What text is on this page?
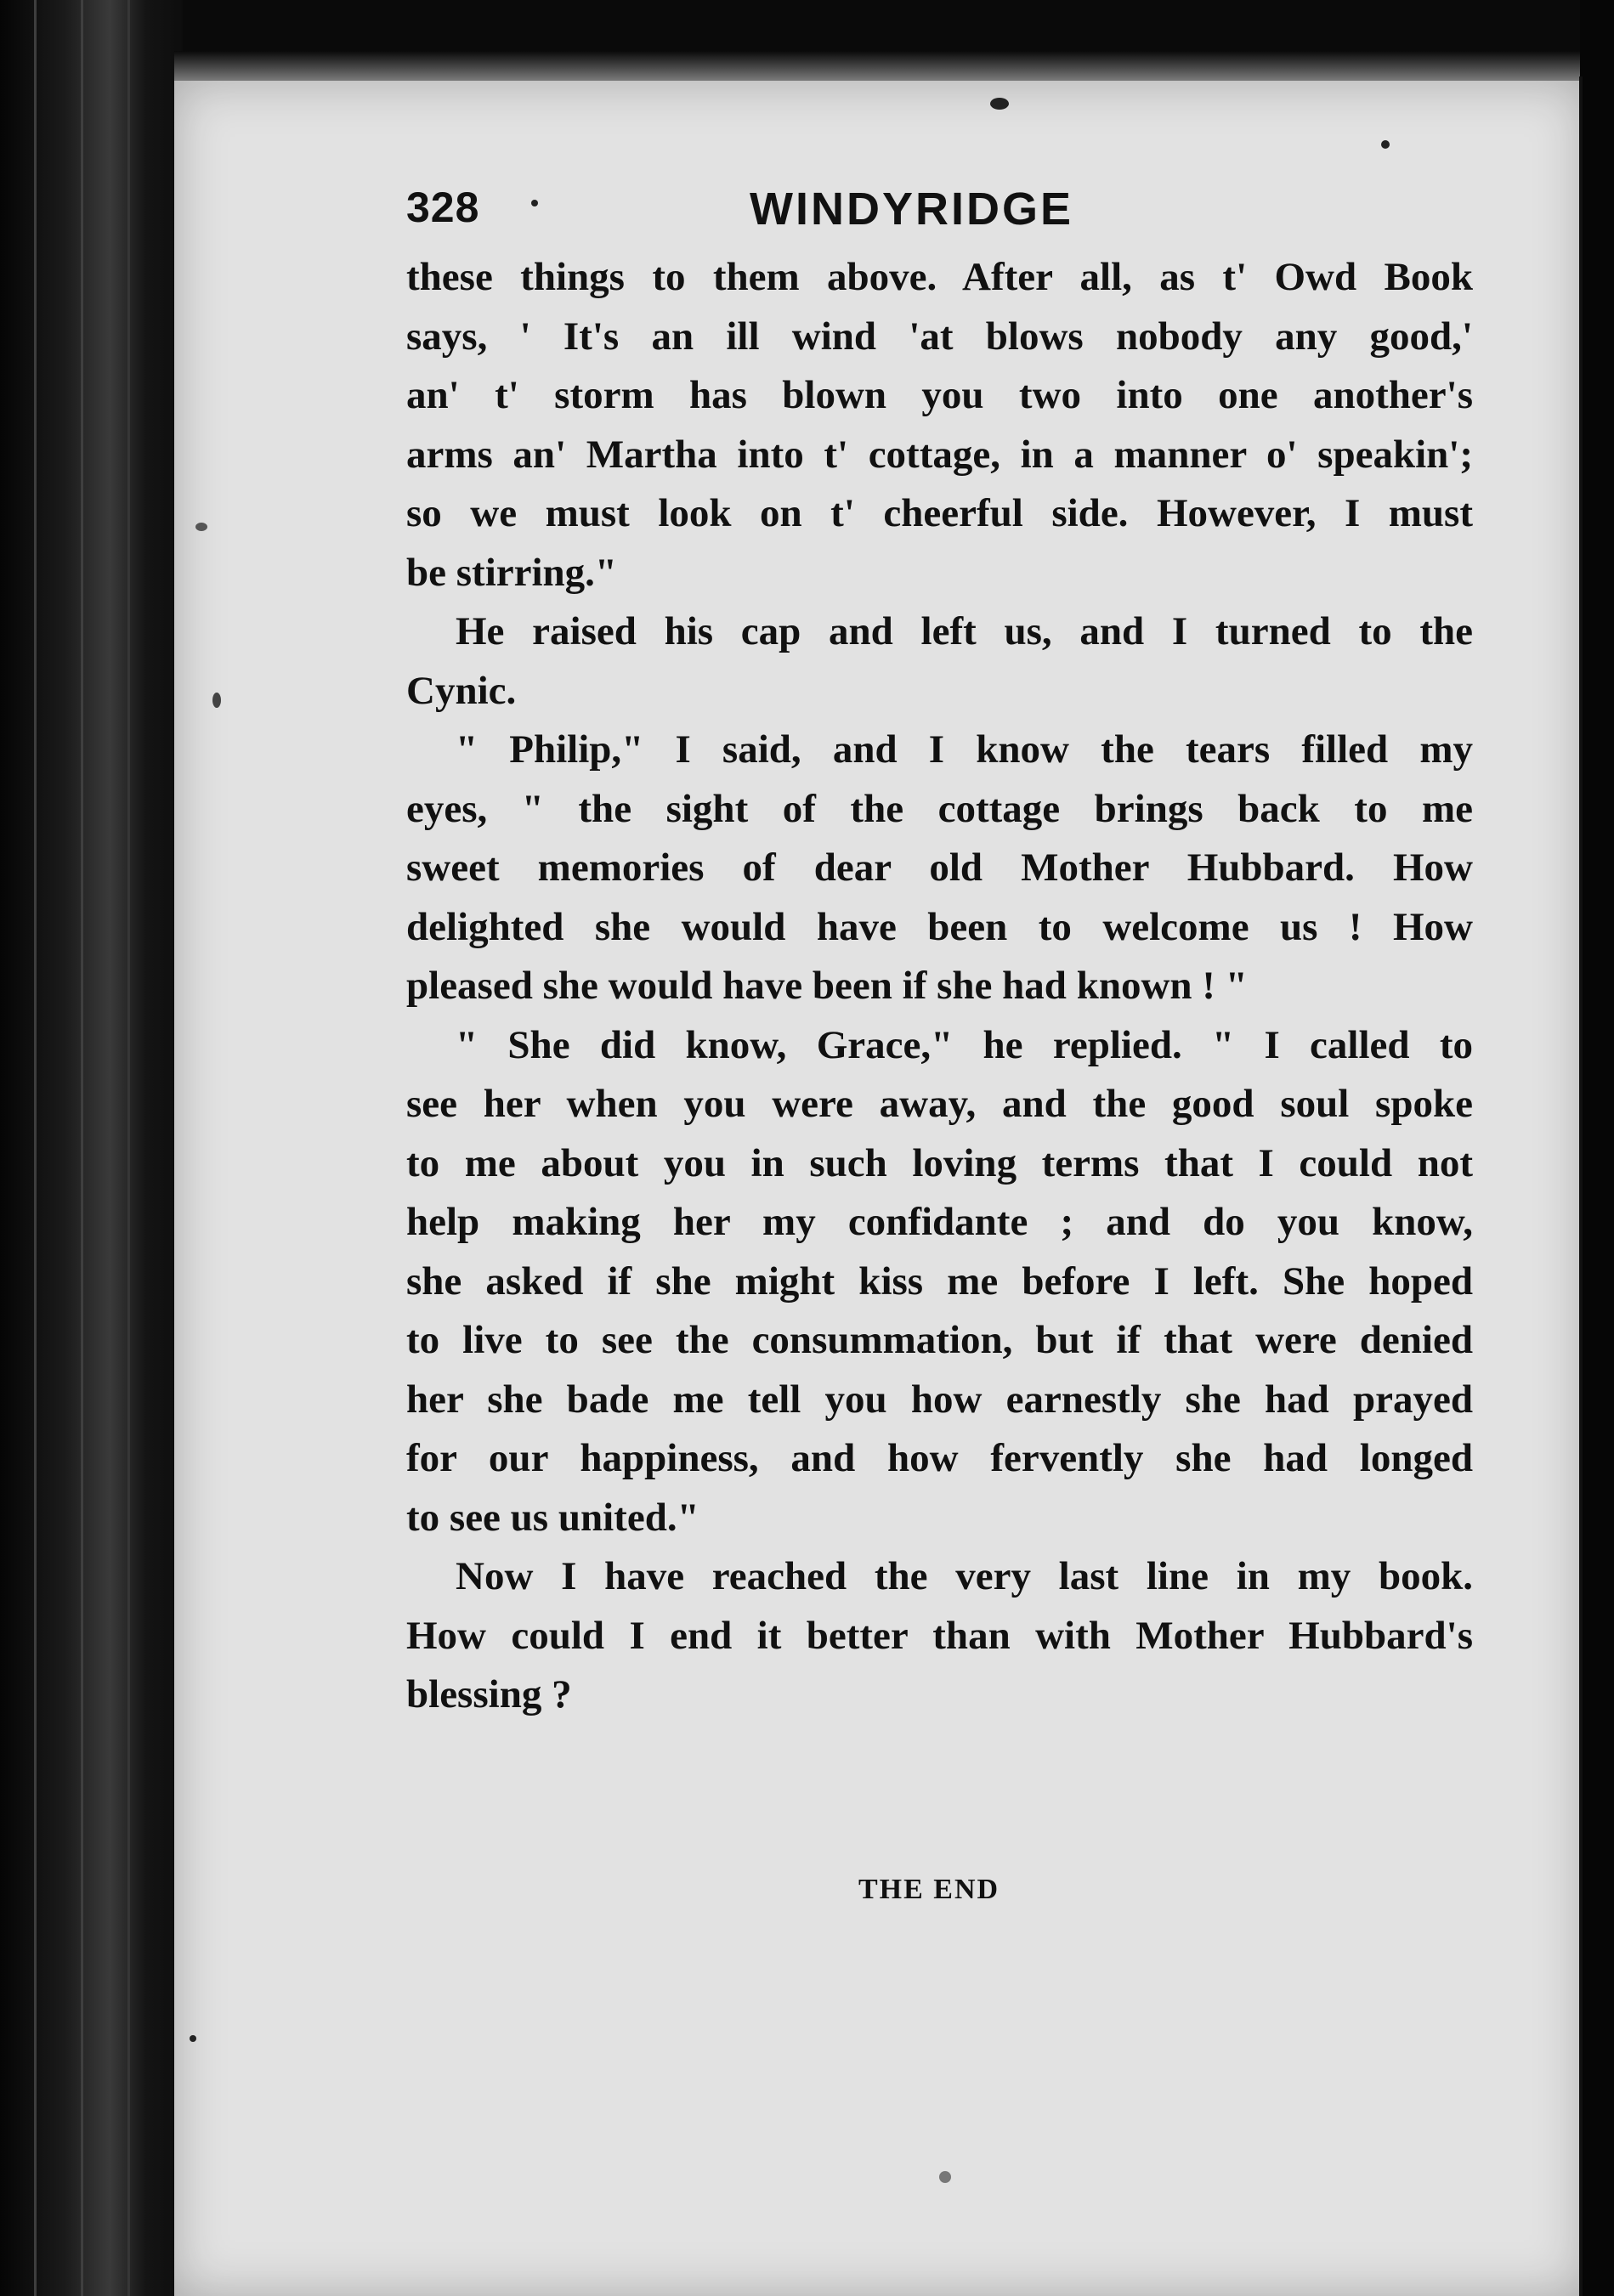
328	WINDYRIDGE

these things to them above. After all, as t' Owd Book
says, ' It's an ill wind 'at blows nobody any good,'
an' t' storm has blown you two into one another's
arms an' Martha into t' cottage, in a manner o' speakin';
so we must look on t' cheerful side. However, I must
be stirring."

He raised his cap and left us, and I turned to the
Cynic.

" Philip," I said, and I know the tears filled my
eyes, " the sight of the cottage brings back to me
sweet memories of dear old Mother Hubbard. How
delighted she would have been to welcome us ! How
pleased she would have been if she had known ! "

" She did know, Grace," he replied. " I called to
see her when you were away, and the good soul spoke
to me about you in such loving terms that I could not
help making her my confidante ; and do you know,
she asked if she might kiss me before I left. She hoped
to live to see the consummation, but if that were denied
her she bade me tell you how earnestly she had prayed
for our happiness, and how fervently she had longed
to see us united."

Now I have reached the very last line in my book.
How could I end it better than with Mother Hubbard's
blessing ?

THE END
